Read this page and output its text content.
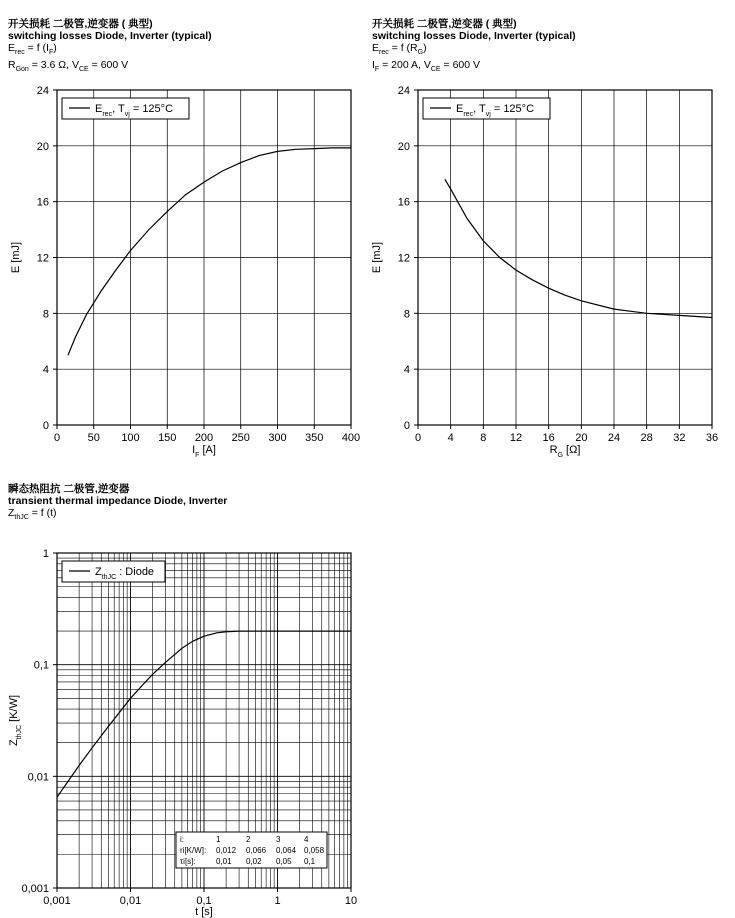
开关损耗 二极管,逆变器 ( 典型)
switching losses Diode, Inverter (typical)
$E_{rec} = f$ $(I_F)$
$R_{Gon} = 3.6$ Ω, $V_{CE} = 600$ V
开关损耗 二极管,逆变器 ( 典型)
switching losses Diode, Inverter (typical)
$E_{rec} = f$ $(R_G)$
$I_F = 200$ A, $V_{CE} = 600$ V
瞬态热阻抗 二极管,逆变器
transient thermal impedance Diode, Inverter
$Z_{thJC} = f$ (t)
0	50 100 150 200 250 300 350 400
0
4
8
12
16
20
24
$I_F$ [A]
E [mJ]
$E_{rec}$, $T_{vj} = 125^\circ C$
0 4 8 12 16 20 24 28 32 36
0
4
8
12
16
20
24
$R_G$ [Ω]
E [mJ]
$E_{rec}$, $T_{vj} = 125^\circ C$
0,001	0,01	0,1	1	10
0,001
0,01
0,1
1
t [s]
$Z_{thJC}$ [K/W]
$Z_{thJC}$ : Diode
i:	1	2	3	4
ri[K/W]: 0,012 0,066 0,064 0,058
τi[s]:	0,01 0,02 0,05 0,1
